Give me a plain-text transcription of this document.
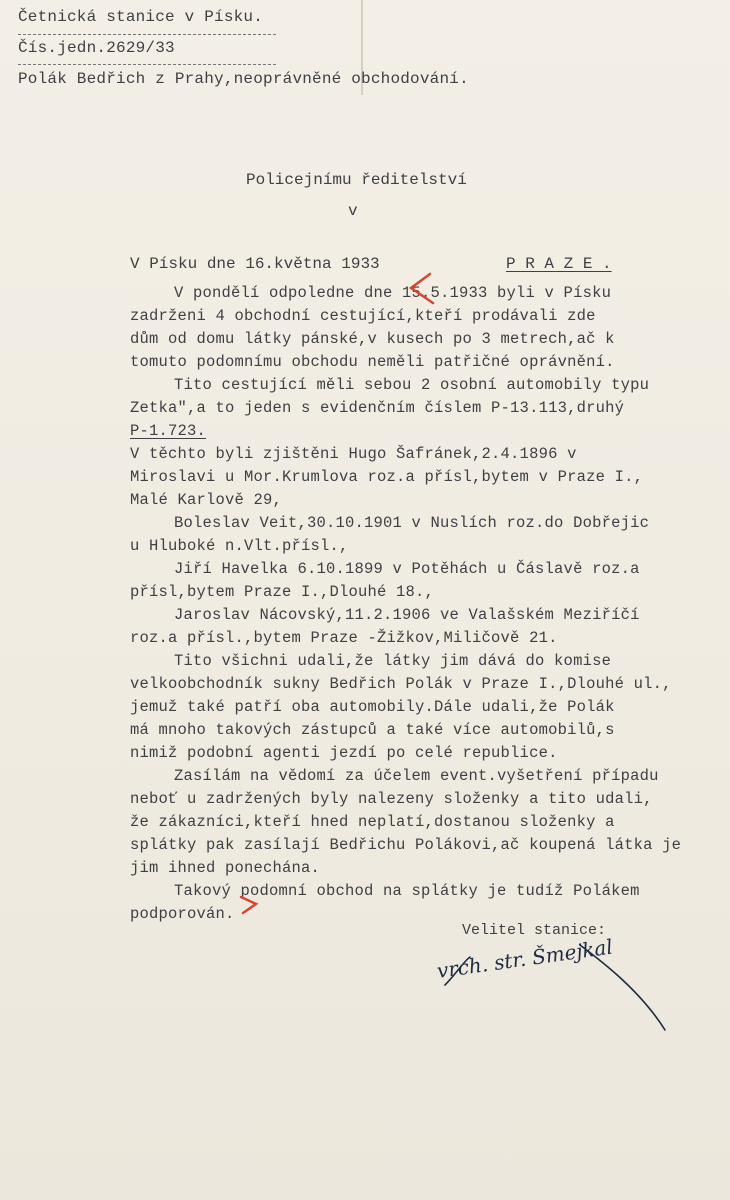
Četnická stanice v Písku.
Čís.jedn.2629/33
Polák Bedřich z Prahy,neoprávněné obchodování.
Policejnímu ředitelství
v
V Písku dne 16.května 1933	P R A Z E .
V pondělí odpoledne dne 15.5.1933 byli v Písku
zadrženi 4 obchodní cestující,kteří prodávali zde
dům od domu látky pánské,v kusech po 3 metrech,ač k
tomuto podomnímu obchodu neměli patřičné oprávnění.
Tito cestující měli sebou 2 osobní automobily typu
Zetka",a to jeden s evidenčním číslem P-13.113,druhý
P-1.723.
V těchto byli zjištěni Hugo Šafránek,2.4.1896 v
Miroslavi u Mor.Krumlova roz.a přísl,bytem v Praze I.,
Malé Karlově 29,
Boleslav Veit,30.10.1901 v Nuslích roz.do Dobřejic
u Hluboké n.Vlt.přísl.,
Jiří Havelka 6.10.1899 v Potěhách u Čáslavě roz.a
přísl,bytem Praze I.,Dlouhé 18.,
Jaroslav Nácovský,11.2.1906 ve Valašském Meziříčí
roz.a přísl.,bytem Praze -Žižkov,Miličově 21.
Tito všichni udali,že látky jim dává do komise
velkoobchodník sukny Bedřich Polák v Praze I.,Dlouhé ul.,
jemuž také patří oba automobily.Dále udali,že Polák
má mnoho takových zástupců a také více automobilů,s
nimiž podobní agenti jezdí po celé republice.
Zasílám na vědomí za účelem event.vyšetření případu
neboť u zadržených byly nalezeny složenky a tito udali,
že zákazníci,kteří hned neplatí,dostanou složenky a
splátky pak zasílají Bedřichu Polákovi,ač koupená látka je
jim ihned ponechána.
Takový podomní obchod na splátky je tudíž Polákem
podporován.
Velitel stanice:
vrch. str. Šmejkal
